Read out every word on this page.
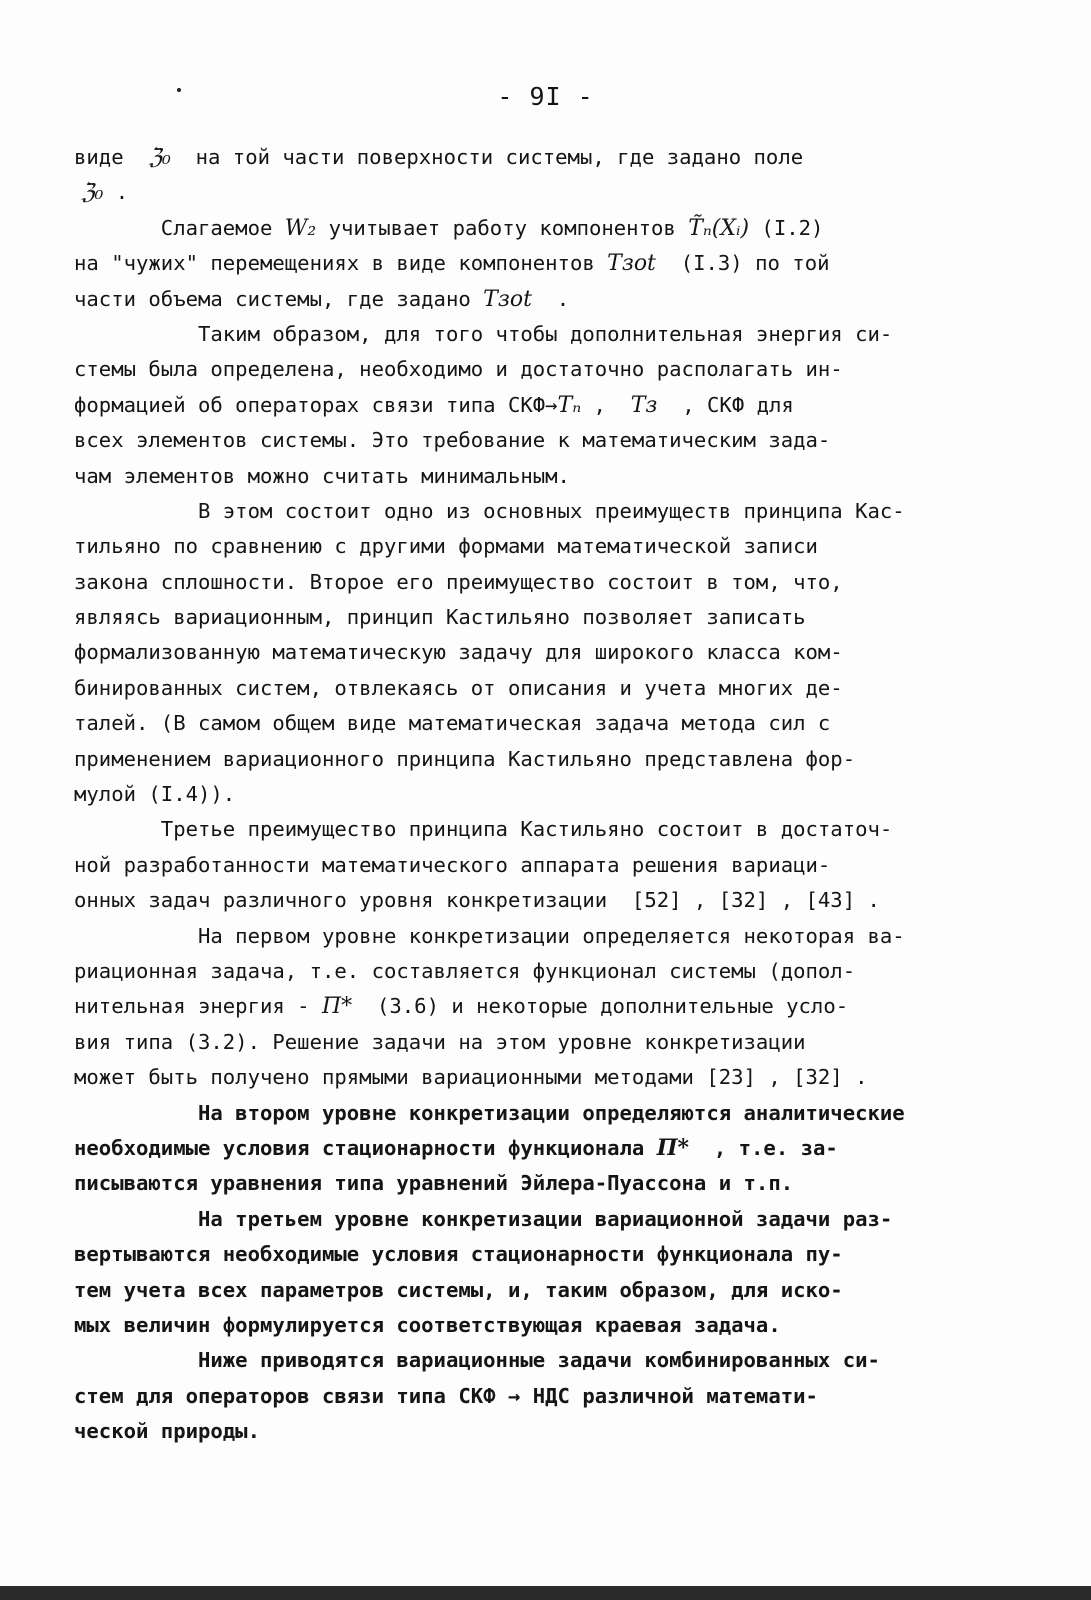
- 9I -
виде  ℨ₀  на той части поверхности системы, где задано поле
ℨ₀ .
Слагаемое W₂ учитывает работу компонентов T̃ₙ(Xᵢ) (I.2)
на "чужих" перемещениях в виде компонентов Tзоt  (I.3) по той
части объема системы, где задано Tзоt  .
Таким образом, для того чтобы дополнительная энергия си-
стемы была определена, необходимо и достаточно располагать ин-
формацией об операторах связи типа СКФ→Tₙ ,  Tз  , СКФ для
всех элементов системы. Это требование к математическим зада-
чам элементов можно считать минимальным.
В этом состоит одно из основных преимуществ принципа Кас-
тильяно по сравнению с другими формами математической записи
закона сплошности. Второе его преимущество состоит в том, что,
являясь вариационным, принцип Кастильяно позволяет записать
формализованную математическую задачу для широкого класса ком-
бинированных систем, отвлекаясь от описания и учета многих де-
талей. (В самом общем виде математическая задача метода сил с
применением вариационного принципа Кастильяно представлена фор-
мулой (I.4)).
Третье преимущество принципа Кастильяно состоит в достаточ-
ной разработанности математического аппарата решения вариаци-
онных задач различного уровня конкретизации  [52] , [32] , [43] .
На первом уровне конкретизации определяется некоторая ва-
риационная задача, т.е. составляется функционал системы (допол-
нительная энергия - П*  (3.6) и некоторые дополнительные усло-
вия типа (3.2). Решение задачи на этом уровне конкретизации
может быть получено прямыми вариационными методами [23] , [32] .
На втором уровне конкретизации определяются аналитические
необходимые условия стационарности функционала П*  , т.е. за-
писываются уравнения типа уравнений Эйлера-Пуассона и т.п.
На третьем уровне конкретизации вариационной задачи раз-
вертываются необходимые условия стационарности функционала пу-
тем учета всех параметров системы, и, таким образом, для иско-
мых величин формулируется соответствующая краевая задача.
Ниже приводятся вариационные задачи комбинированных си-
стем для операторов связи типа СКФ → НДС различной математи-
ческой природы.
